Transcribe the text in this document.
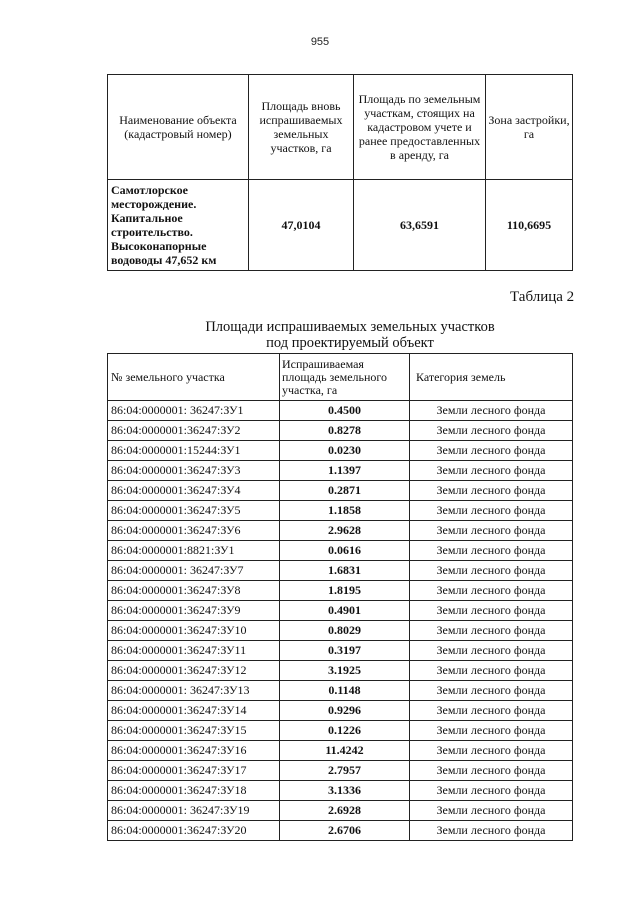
955
Наименование объекта (кадастровый номер)	Площадь вновь испрашиваемых земельных участков, га	Площадь по земельным участкам, стоящих на кадастровом учете и ранее предоставленных в аренду, га	Зона застройки, га
Самотлорское месторождение. Капитальное строительство. Высоконапорные водоводы 47,652 км	47,0104	63,6591	110,6695
Таблица 2
Площади испрашиваемых земельных участков
под проектируемый объект
№ земельного участка	Испрашиваемая площадь земельного участка, га	Категория земель
86:04:0000001: 36247:ЗУ1	0.4500	Земли лесного фонда
86:04:0000001:36247:ЗУ2	0.8278	Земли лесного фонда
86:04:0000001:15244:ЗУ1	0.0230	Земли лесного фонда
86:04:0000001:36247:ЗУ3	1.1397	Земли лесного фонда
86:04:0000001:36247:ЗУ4	0.2871	Земли лесного фонда
86:04:0000001:36247:ЗУ5	1.1858	Земли лесного фонда
86:04:0000001:36247:ЗУ6	2.9628	Земли лесного фонда
86:04:0000001:8821:ЗУ1	0.0616	Земли лесного фонда
86:04:0000001: 36247:ЗУ7	1.6831	Земли лесного фонда
86:04:0000001:36247:ЗУ8	1.8195	Земли лесного фонда
86:04:0000001:36247:ЗУ9	0.4901	Земли лесного фонда
86:04:0000001:36247:ЗУ10	0.8029	Земли лесного фонда
86:04:0000001:36247:ЗУ11	0.3197	Земли лесного фонда
86:04:0000001:36247:ЗУ12	3.1925	Земли лесного фонда
86:04:0000001: 36247:ЗУ13	0.1148	Земли лесного фонда
86:04:0000001:36247:ЗУ14	0.9296	Земли лесного фонда
86:04:0000001:36247:ЗУ15	0.1226	Земли лесного фонда
86:04:0000001:36247:ЗУ16	11.4242	Земли лесного фонда
86:04:0000001:36247:ЗУ17	2.7957	Земли лесного фонда
86:04:0000001:36247:ЗУ18	3.1336	Земли лесного фонда
86:04:0000001: 36247:ЗУ19	2.6928	Земли лесного фонда
86:04:0000001:36247:ЗУ20	2.6706	Земли лесного фонда
